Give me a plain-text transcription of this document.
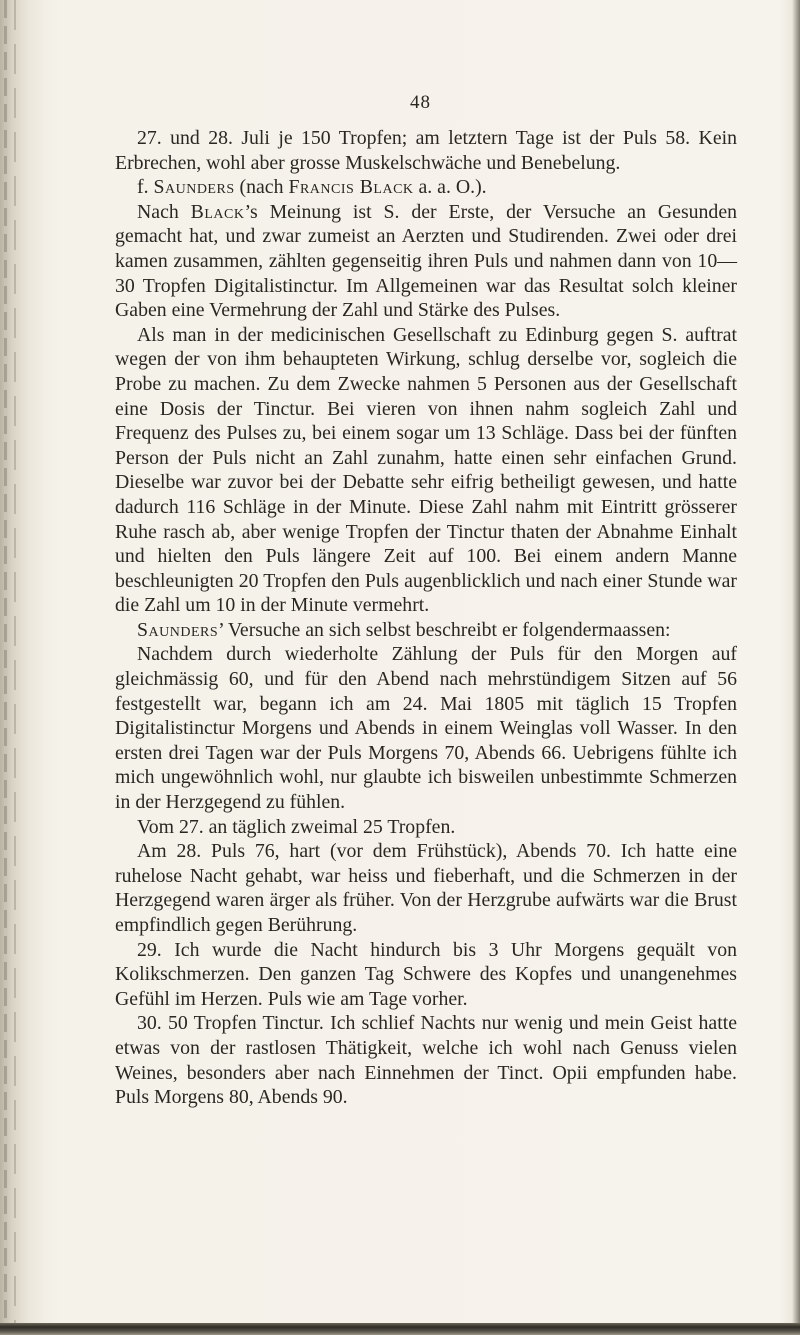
48

27. und 28. Juli je 150 Tropfen; am letztern Tage ist der Puls 58. Kein Erbrechen, wohl aber grosse Muskelschwäche und Benebelung.

f. Saunders (nach Francis Black a. a. O.).

Nach Black’s Meinung ist S. der Erste, der Versuche an Gesunden gemacht hat, und zwar zumeist an Aerzten und Studirenden. Zwei oder drei kamen zusammen, zählten gegenseitig ihren Puls und nahmen dann von 10—30 Tropfen Digitalistinctur. Im Allgemeinen war das Resultat solch kleiner Gaben eine Vermehrung der Zahl und Stärke des Pulses.

Als man in der medicinischen Gesellschaft zu Edinburg gegen S. auftrat wegen der von ihm behaupteten Wirkung, schlug derselbe vor, sogleich die Probe zu machen. Zu dem Zwecke nahmen 5 Personen aus der Gesellschaft eine Dosis der Tinctur. Bei vieren von ihnen nahm sogleich Zahl und Frequenz des Pulses zu, bei einem sogar um 13 Schläge. Dass bei der fünften Person der Puls nicht an Zahl zunahm, hatte einen sehr einfachen Grund. Dieselbe war zuvor bei der Debatte sehr eifrig betheiligt gewesen, und hatte dadurch 116 Schläge in der Minute. Diese Zahl nahm mit Eintritt grösserer Ruhe rasch ab, aber wenige Tropfen der Tinctur thaten der Abnahme Einhalt und hielten den Puls längere Zeit auf 100. Bei einem andern Manne beschleunigten 20 Tropfen den Puls augenblicklich und nach einer Stunde war die Zahl um 10 in der Minute vermehrt.

Saunders’ Versuche an sich selbst beschreibt er folgendermaassen:

Nachdem durch wiederholte Zählung der Puls für den Morgen auf gleichmässig 60, und für den Abend nach mehrstündigem Sitzen auf 56 festgestellt war, begann ich am 24. Mai 1805 mit täglich 15 Tropfen Digitalistinctur Morgens und Abends in einem Weinglas voll Wasser. In den ersten drei Tagen war der Puls Morgens 70, Abends 66. Uebrigens fühlte ich mich ungewöhnlich wohl, nur glaubte ich bisweilen unbestimmte Schmerzen in der Herzgegend zu fühlen.

Vom 27. an täglich zweimal 25 Tropfen.

Am 28. Puls 76, hart (vor dem Frühstück), Abends 70. Ich hatte eine ruhelose Nacht gehabt, war heiss und fieberhaft, und die Schmerzen in der Herzgegend waren ärger als früher. Von der Herzgrube aufwärts war die Brust empfindlich gegen Berührung.

29. Ich wurde die Nacht hindurch bis 3 Uhr Morgens gequält von Kolikschmerzen. Den ganzen Tag Schwere des Kopfes und unangenehmes Gefühl im Herzen. Puls wie am Tage vorher.

30. 50 Tropfen Tinctur. Ich schlief Nachts nur wenig und mein Geist hatte etwas von der rastlosen Thätigkeit, welche ich wohl nach Genuss vielen Weines, besonders aber nach Einnehmen der Tinct. Opii empfunden habe. Puls Morgens 80, Abends 90.
